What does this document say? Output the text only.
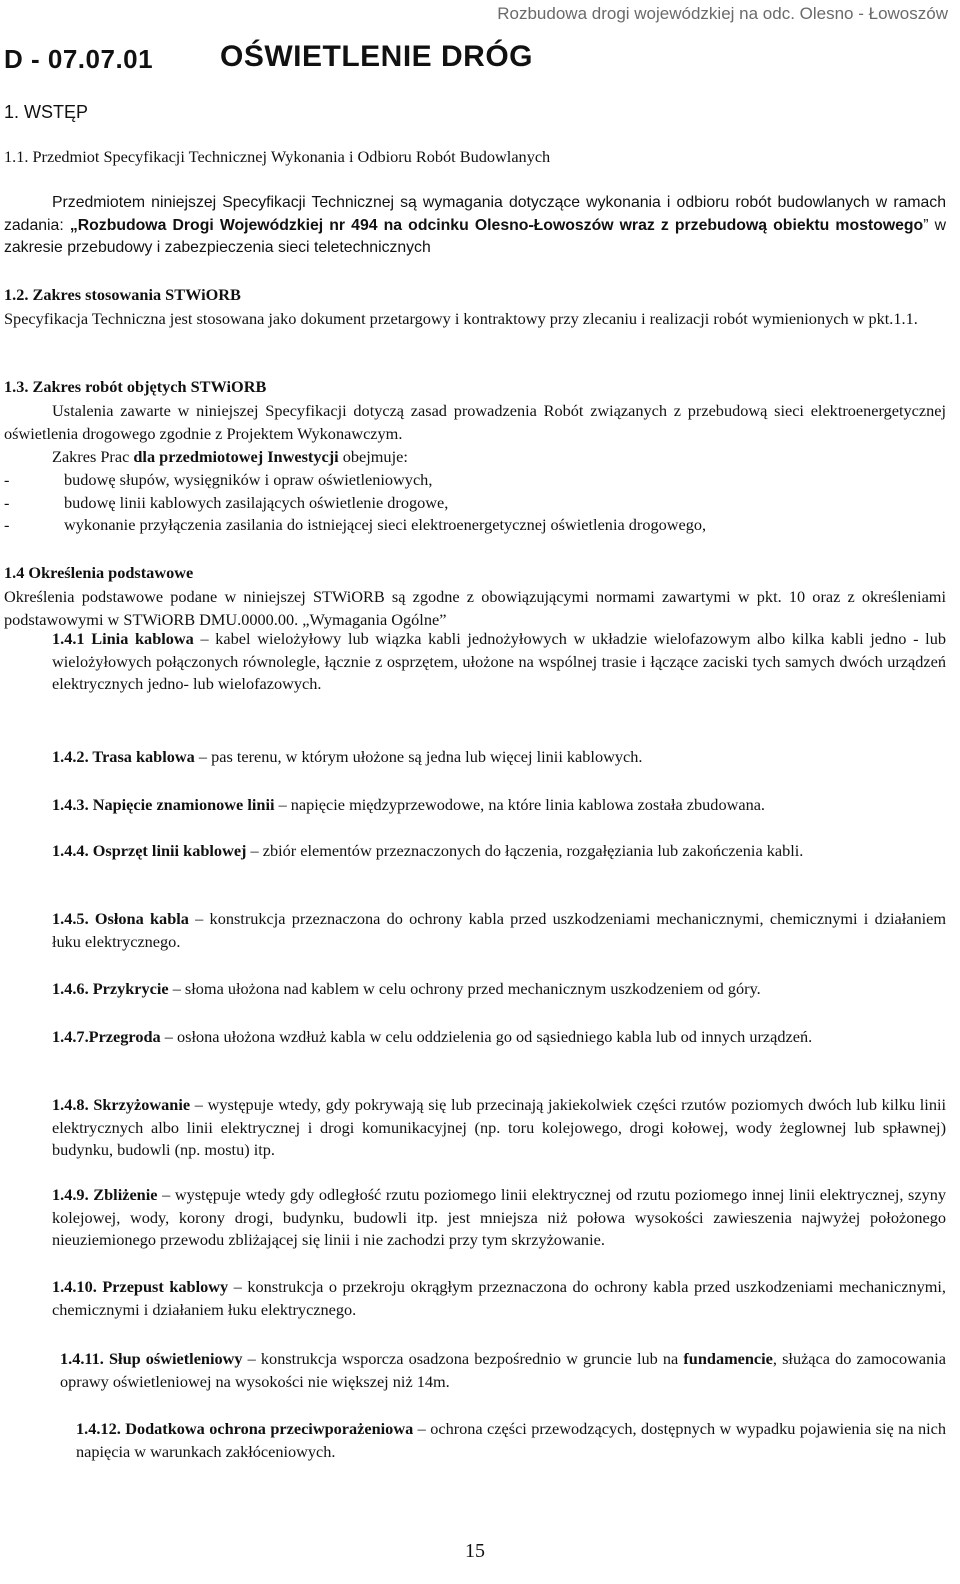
Rozbudowa drogi wojewódzkiej na odc. Olesno - Łowoszów
D - 07.07.01 OŚWIETLENIE DRÓG
1. WSTĘP
1.1. Przedmiot Specyfikacji Technicznej Wykonania i Odbioru Robót Budowlanych
Przedmiotem niniejszej Specyfikacji Technicznej są wymagania dotyczące wykonania i odbioru robót budowlanych w ramach zadania: „Rozbudowa Drogi Wojewódzkiej nr 494 na odcinku Olesno-Łowoszów wraz z przebudową obiektu mostowego” w zakresie przebudowy i zabezpieczenia sieci teletechnicznych
1.2. Zakres stosowania STWiORB
Specyfikacja Techniczna jest stosowana jako dokument przetargowy i kontraktowy przy zlecaniu i realizacji robót wymienionych w pkt.1.1.
1.3. Zakres robót objętych STWiORB
Ustalenia zawarte w niniejszej Specyfikacji dotyczą zasad prowadzenia Robót związanych z przebudową sieci elektroenergetycznej oświetlenia drogowego zgodnie z Projektem Wykonawczym.
Zakres Prac dla przedmiotowej Inwestycji obejmuje:
-	budowę słupów, wysięgników i opraw oświetleniowych,
-	budowę linii kablowych zasilających oświetlenie drogowe,
-	wykonanie przyłączenia zasilania do istniejącej sieci elektroenergetycznej oświetlenia drogowego,
1.4 Określenia podstawowe
Określenia podstawowe podane w niniejszej STWiORB są zgodne z obowiązującymi normami zawartymi w pkt. 10 oraz z określeniami podstawowymi w STWiORB DMU.0000.00. „Wymagania Ogólne”
1.4.1 Linia kablowa – kabel wielożyłowy lub wiązka kabli jednożyłowych w układzie wielofazowym albo kilka kabli jedno - lub wielożyłowych połączonych równolegle, łącznie z osprzętem, ułożone na wspólnej trasie i łączące zaciski tych samych dwóch urządzeń elektrycznych jedno- lub wielofazowych.
1.4.2. Trasa kablowa – pas terenu, w którym ułożone są jedna lub więcej linii kablowych.
1.4.3. Napięcie znamionowe linii – napięcie międzyprzewodowe, na które linia kablowa została zbudowana.
1.4.4. Osprzęt linii kablowej – zbiór elementów przeznaczonych do łączenia, rozgałęziania lub zakończenia kabli.
1.4.5. Osłona kabla – konstrukcja przeznaczona do ochrony kabla przed uszkodzeniami mechanicznymi, chemicznymi i działaniem łuku elektrycznego.
1.4.6. Przykrycie – słoma ułożona nad kablem w celu ochrony przed mechanicznym uszkodzeniem od góry.
1.4.7.Przegroda – osłona ułożona wzdłuż kabla w celu oddzielenia go od sąsiedniego kabla lub od innych urządzeń.
1.4.8. Skrzyżowanie – występuje wtedy, gdy pokrywają się lub przecinają jakiekolwiek części rzutów poziomych dwóch lub kilku linii elektrycznych albo linii elektrycznej i drogi komunikacyjnej (np. toru kolejowego, drogi kołowej, wody żeglownej lub spławnej) budynku, budowli (np. mostu) itp.
1.4.9. Zbliżenie – występuje wtedy gdy odległość rzutu poziomego linii elektrycznej od rzutu poziomego innej linii elektrycznej, szyny kolejowej, wody, korony drogi, budynku, budowli itp. jest mniejsza niż połowa wysokości zawieszenia najwyżej położonego nieuziemionego przewodu zbliżającej się linii i nie zachodzi przy tym skrzyżowanie.
1.4.10. Przepust kablowy – konstrukcja o przekroju okrągłym przeznaczona do ochrony kabla przed uszkodzeniami mechanicznymi, chemicznymi i działaniem łuku elektrycznego.
1.4.11. Słup oświetleniowy – konstrukcja wsporcza osadzona bezpośrednio w gruncie lub na fundamencie, służąca do zamocowania oprawy oświetleniowej na wysokości nie większej niż 14m.
1.4.12. Dodatkowa ochrona przeciwporażeniowa – ochrona części przewodzących, dostępnych w wypadku pojawienia się na nich napięcia w warunkach zakłóceniowych.
15
